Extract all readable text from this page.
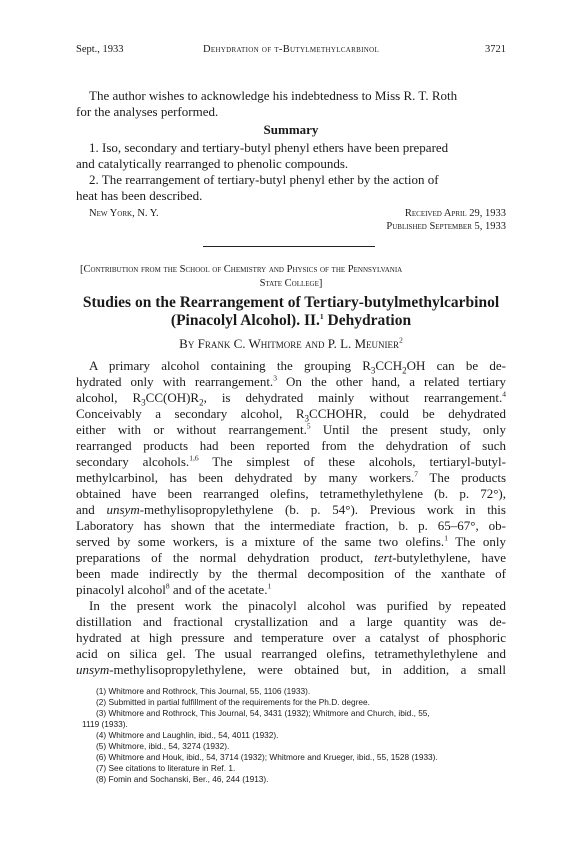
Sept., 1933	Dehydration of t-Butylmethylcarbinol	3721
The author wishes to acknowledge his indebtedness to Miss R. T. Roth
for the analyses performed.
Summary
1. Iso, secondary and tertiary-butyl phenyl ethers have been prepared
and catalytically rearranged to phenolic compounds.
2. The rearrangement of tertiary-butyl phenyl ether by the action of
heat has been described.
New York, N. Y.	Received April 29, 1933
Published September 5, 1933
[Contribution from the School of Chemistry and Physics of the Pennsylvania
State College]
Studies on the Rearrangement of Tertiary-butylmethylcarbinol
(Pinacolyl Alcohol). II.$^1$ Dehydration
By Frank C. Whitmore and P. L. Meunier$^2$
A primary alcohol containing the grouping $R_3CCH_2OH$ can be de-
hydrated only with rearrangement.$^3$ On the other hand, a related tertiary
alcohol, $R_3CC(OH)R_2$, is dehydrated mainly without rearrangement.$^4$
Conceivably a secondary alcohol, $R_3CCHOHR$, could be dehydrated
either with or without rearrangement.$^5$ Until the present study, only
rearranged products had been reported from the dehydration of such
secondary alcohols.$^{1,6}$ The simplest of these alcohols, tertiaryl-butyl-
methylcarbinol, has been dehydrated by many workers.$^7$ The products
obtained have been rearranged olefins, tetramethylethylene (b. p. 72°),
and unsym-methylisopropylethylene (b. p. 54°). Previous work in this
Laboratory has shown that the intermediate fraction, b. p. 65–67°, ob-
served by some workers, is a mixture of the same two olefins.$^1$ The only
preparations of the normal dehydration product, tert-butylethylene, have
been made indirectly by the thermal decomposition of the xanthate of
pinacolyl alcohol$^8$ and of the acetate.$^1$
In the present work the pinacolyl alcohol was purified by repeated
distillation and fractional crystallization and a large quantity was de-
hydrated at high pressure and temperature over a catalyst of phosphoric
acid on silica gel. The usual rearranged olefins, tetramethylethylene and
unsym-methylisopropylethylene, were obtained but, in addition, a small
(1) Whitmore and Rothrock, This Journal, 55, 1106 (1933).
(2) Submitted in partial fulfillment of the requirements for the Ph.D. degree.
(3) Whitmore and Rothrock, This Journal, 54, 3431 (1932); Whitmore and Church, ibid., 55,
1119 (1933).
(4) Whitmore and Laughlin, ibid., 54, 4011 (1932).
(5) Whitmore, ibid., 54, 3274 (1932).
(6) Whitmore and Houk, ibid., 54, 3714 (1932); Whitmore and Krueger, ibid., 55, 1528 (1933).
(7) See citations to literature in Ref. 1.
(8) Fomin and Sochanski, Ber., 46, 244 (1913).
